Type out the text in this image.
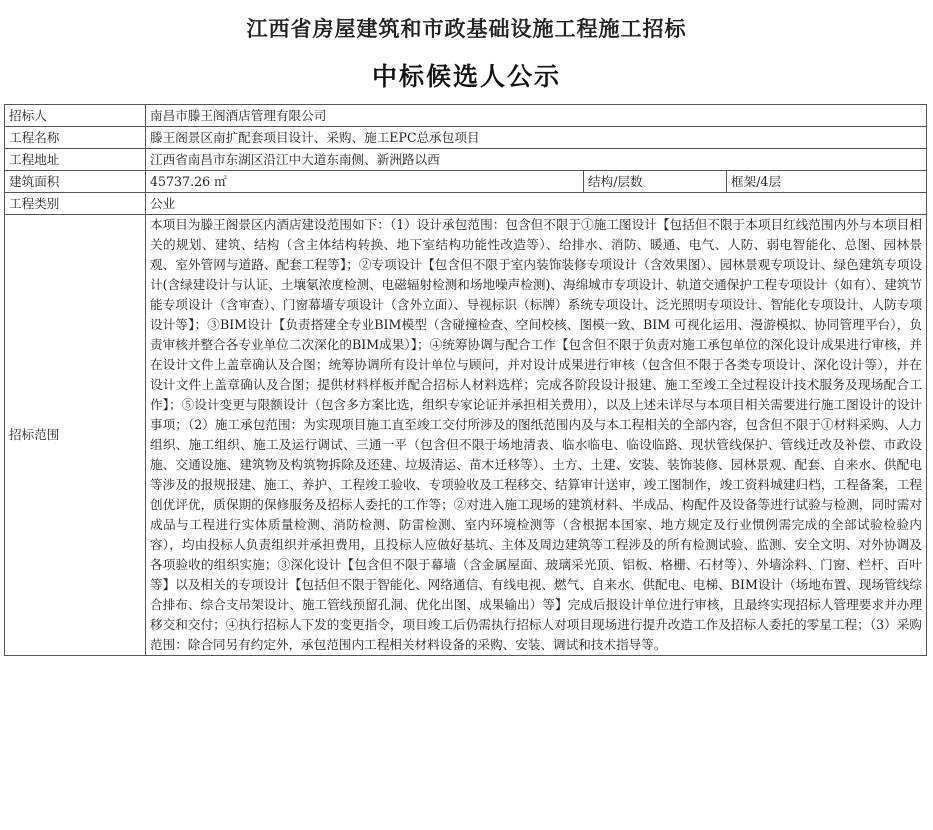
江西省房屋建筑和市政基础设施工程施工招标
中标候选人公示
招标人	南昌市滕王阁酒店管理有限公司		
工程名称	滕王阁景区南扩配套项目设计、采购、施工EPC总承包项目		
工程地址	江西省南昌市东湖区沿江中大道东南侧、新洲路以西		
建筑面积	45737.26 ㎡	结构/层数	框架/4层
工程类别	公业		
招标范围	本项目为滕王阁景区内酒店建设范围如下：（1）设计承包范围：包含但不限于①施工图设计【包括但不限于本项目红线范围内外与本项目相关的规划、建筑、结构（含主体结构转换、地下室结构功能性改造等）、给排水、消防、暖通、电气、人防、弱电智能化、总图、园林景观、室外管网与道路、配套工程等】；②专项设计【包含但不限于室内装饰装修专项设计（含效果图）、园林景观专项设计、绿色建筑专项设计(含绿建设计与认证、土壤氡浓度检测、电磁辐射检测和场地噪声检测)、海绵城市专项设计、轨道交通保护工程专项设计（如有）、建筑节能专项设计（含审查）、门窗幕墙专项设计（含外立面）、导视标识（标牌）系统专项设计、泛光照明专项设计、智能化专项设计、人防专项设计等】；③BIM设计【负责搭建全专业BIM模型（含碰撞检查、空间校核、图模一致、BIM 可视化运用、漫游模拟、协同管理平台），负责审核并整合各专业单位二次深化的BIM成果）】；④统筹协调与配合工作【包含但不限于负责对施工承包单位的深化设计成果进行审核，并在设计文件上盖章确认及合图；统筹协调所有设计单位与顾问，并对设计成果进行审核（包含但不限于各类专项设计、深化设计等），并在设计文件上盖章确认及合图；提供材料样板并配合招标人材料选样；完成各阶段设计报建、施工至竣工全过程设计技术服务及现场配合工作】；⑤设计变更与限额设计（包含多方案比选，组织专家论证并承担相关费用），以及上述未详尽与本项目相关需要进行施工图设计的设计事项；（2）施工承包范围：为实现项目施工直至竣工交付所涉及的图纸范围内及与本工程相关的全部内容，包含但不限于①材料采购、人力组织、施工组织、施工及运行调试、三通一平（包含但不限于场地清表、临水临电、临设临路、现状管线保护、管线迁改及补偿、市政设施、交通设施、建筑物及构筑物拆除及还建、垃圾清运、苗木迁移等）、土方、土建、安装、装饰装修、园林景观、配套、自来水、供配电等涉及的报规报建、施工、养护、工程竣工验收、专项验收及工程移交、结算审计送审，竣工图制作，竣工资料城建归档，工程备案，工程创优评优，质保期的保修服务及招标人委托的工作等；②对进入施工现场的建筑材料、半成品、构配件及设备等进行试验与检测，同时需对成品与工程进行实体质量检测、消防检测、防雷检测、室内环境检测等（含根据本国家、地方规定及行业惯例需完成的全部试验检验内容），均由投标人负责组织并承担费用，且投标人应做好基坑、主体及周边建筑等工程涉及的所有检测试验、监测、安全文明、对外协调及各项验收的组织实施；③深化设计【包含但不限于幕墙（含金属屋面、玻璃采光顶、铝板、格栅、石材等）、外墙涂料、门窗、栏杆、百叶等】以及相关的专项设计【包括但不限于智能化、网络通信、有线电视、燃气、自来水、供配电、电梯、BIM设计（场地布置、现场管线综合排布、综合支吊架设计、施工管线预留孔洞、优化出图、成果输出）等】完成后报设计单位进行审核，且最终实现招标人管理要求并办理移交和交付；④执行招标人下发的变更指令，项目竣工后仍需执行招标人对项目现场进行提升改造工作及招标人委托的零星工程；（3）采购范围：除合同另有约定外，承包范围内工程相关材料设备的采购、安装、调试和技术指导等。		
